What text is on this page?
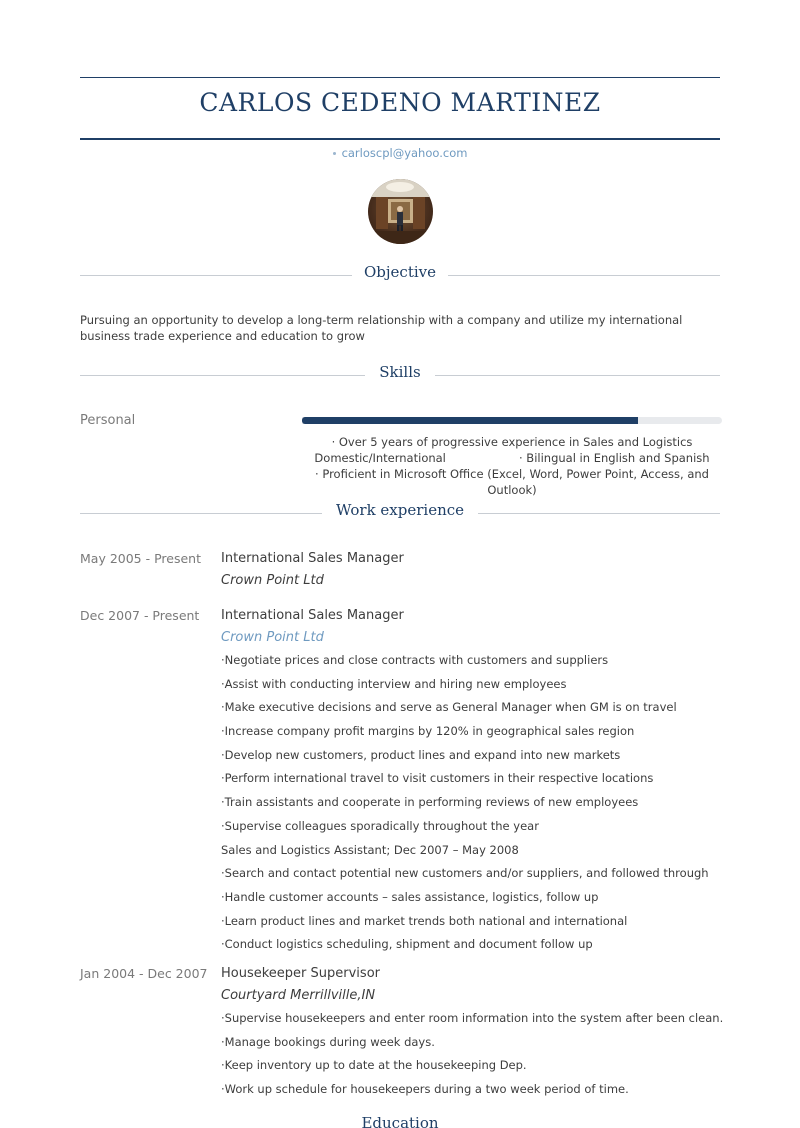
CARLOS CEDENO MARTINEZ
carloscpl@yahoo.com
Objective
Pursuing an opportunity to develop a long-term relationship with a company and utilize my international business trade experience and education to grow
Skills
Personal
· Over 5 years of progressive experience in Sales and Logistics
Domestic/International                    · Bilingual in English and Spanish
· Proficient in Microsoft Office (Excel, Word, Power Point, Access, and Outlook)
Work experience
May 2005 - Present International Sales Manager
Crown Point Ltd
Dec 2007 - Present International Sales Manager
Crown Point Ltd
·Negotiate prices and close contracts with customers and suppliers
·Assist with conducting interview and hiring new employees
·Make executive decisions and serve as General Manager when GM is on travel
·Increase company profit margins by 120% in geographical sales region
·Develop new customers, product lines and expand into new markets
·Perform international travel to visit customers in their respective locations
·Train assistants and cooperate in performing reviews of new employees
·Supervise colleagues sporadically throughout the year
Sales and Logistics Assistant; Dec 2007 – May 2008
·Search and contact potential new customers and/or suppliers, and followed through
·Handle customer accounts – sales assistance, logistics, follow up
·Learn product lines and market trends both national and international
·Conduct logistics scheduling, shipment and document follow up
Jan 2004 - Dec 2007 Housekeeper Supervisor
Courtyard Merrillville,IN
·Supervise housekeepers and enter room information into the system after been clean.
·Manage bookings during week days.
·Keep inventory up to date at the housekeeping Dep.
·Work up schedule for housekeepers during a two week period of time.
Education
